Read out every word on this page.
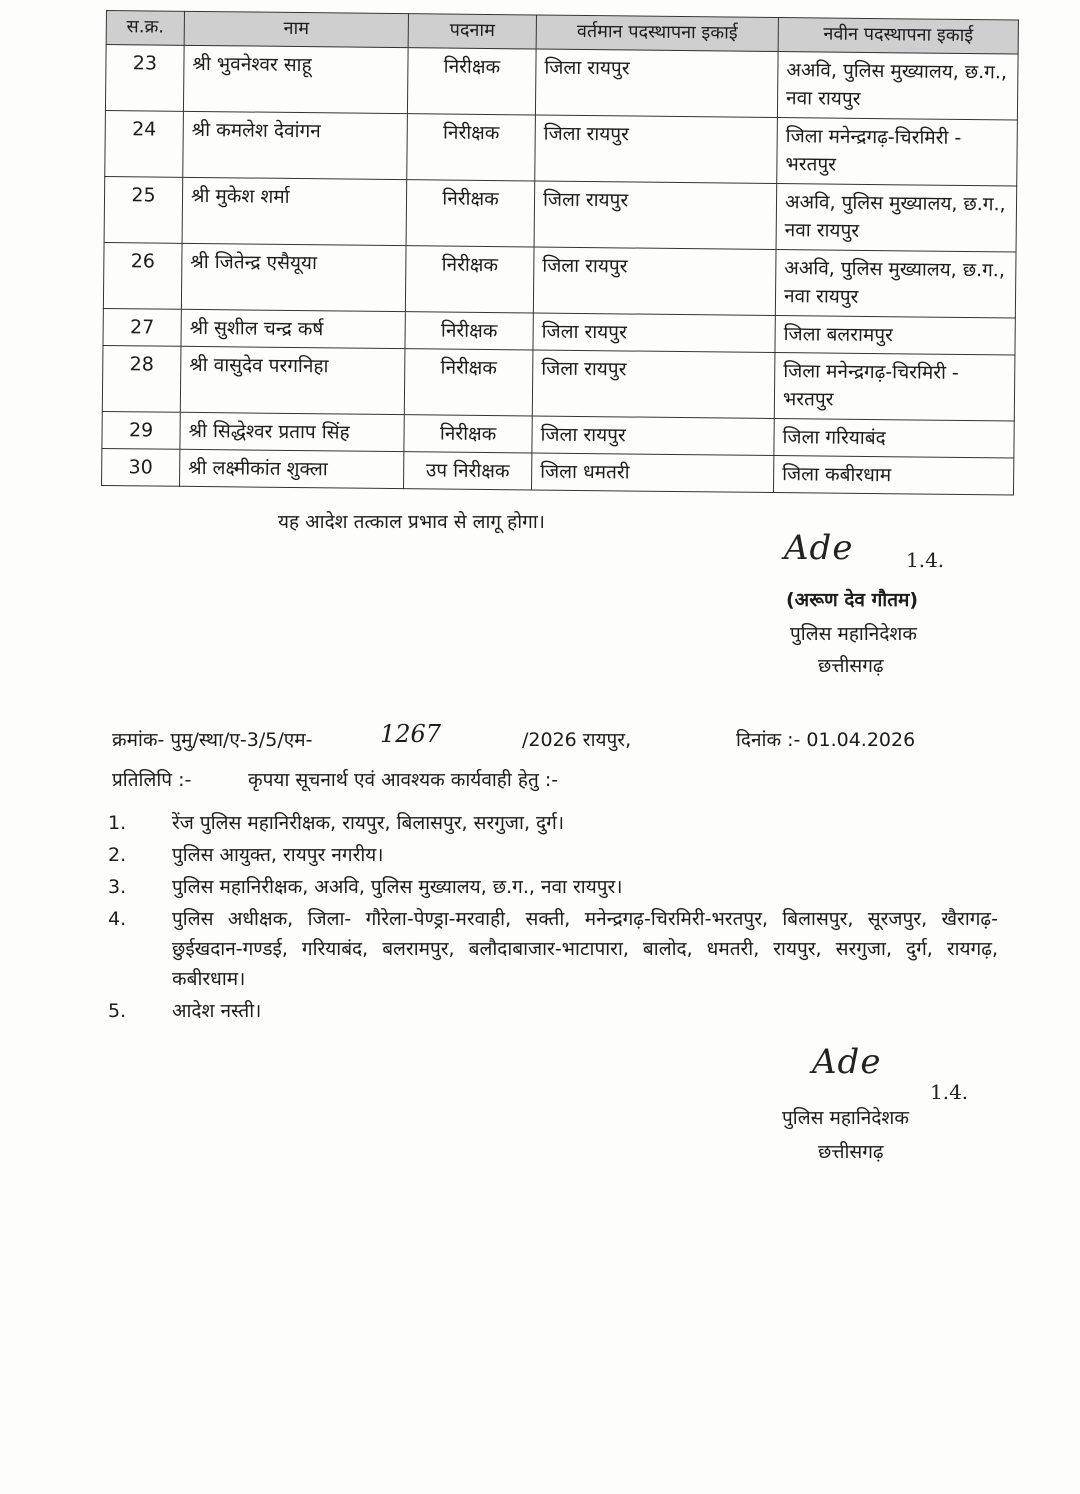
स.क्र.	नाम	पदनाम	वर्तमान पदस्थापना इकाई	नवीन पदस्थापना इकाई
23	श्री भुवनेश्वर साहू	निरीक्षक	जिला रायपुर	अअवि, पुलिस मुख्यालय, छ.ग., नवा रायपुर
24	श्री कमलेश देवांगन	निरीक्षक	जिला रायपुर	जिला मनेन्द्रगढ़-चिरमिरी - भरतपुर
25	श्री मुकेश शर्मा	निरीक्षक	जिला रायपुर	अअवि, पुलिस मुख्यालय, छ.ग., नवा रायपुर
26	श्री जितेन्द्र एसैयूया	निरीक्षक	जिला रायपुर	अअवि, पुलिस मुख्यालय, छ.ग., नवा रायपुर
27	श्री सुशील चन्द्र कर्ष	निरीक्षक	जिला रायपुर	जिला बलरामपुर
28	श्री वासुदेव परगनिहा	निरीक्षक	जिला रायपुर	जिला मनेन्द्रगढ़-चिरमिरी - भरतपुर
29	श्री सिद्धेश्वर प्रताप सिंह	निरीक्षक	जिला रायपुर	जिला गरियाबंद
30	श्री लक्ष्मीकांत शुक्ला	उप निरीक्षक	जिला धमतरी	जिला कबीरधाम
यह आदेश तत्काल प्रभाव से लागू होगा।
Ade	1.4.
(अरूण देव गौतम)
पुलिस महानिदेशक
छत्तीसगढ़
क्रमांक- पुमु/स्था/ए-3/5/एम-	1267	/2026 रायपुर,	दिनांक :- 01.04.2026
प्रतिलिपि :-	कृपया सूचनार्थ एवं आवश्यक कार्यवाही हेतु :-
1. रेंज पुलिस महानिरीक्षक, रायपुर, बिलासपुर, सरगुजा, दुर्ग।
2. पुलिस आयुक्त, रायपुर नगरीय।
3. पुलिस महानिरीक्षक, अअवि, पुलिस मुख्यालय, छ.ग., नवा रायपुर।
4. पुलिस अधीक्षक, जिला- गौरेला-पेण्ड्रा-मरवाही, सक्ती, मनेन्द्रगढ़-चिरमिरी-भरतपुर, बिलासपुर, सूरजपुर, खैरागढ़-छुईखदान-गण्डई, गरियाबंद, बलरामपुर, बलौदाबाजार-भाटापारा, बालोद, धमतरी, रायपुर, सरगुजा, दुर्ग, रायगढ़, कबीरधाम।
5. आदेश नस्ती।
Ade
1.4.
पुलिस महानिदेशक
छत्तीसगढ़
